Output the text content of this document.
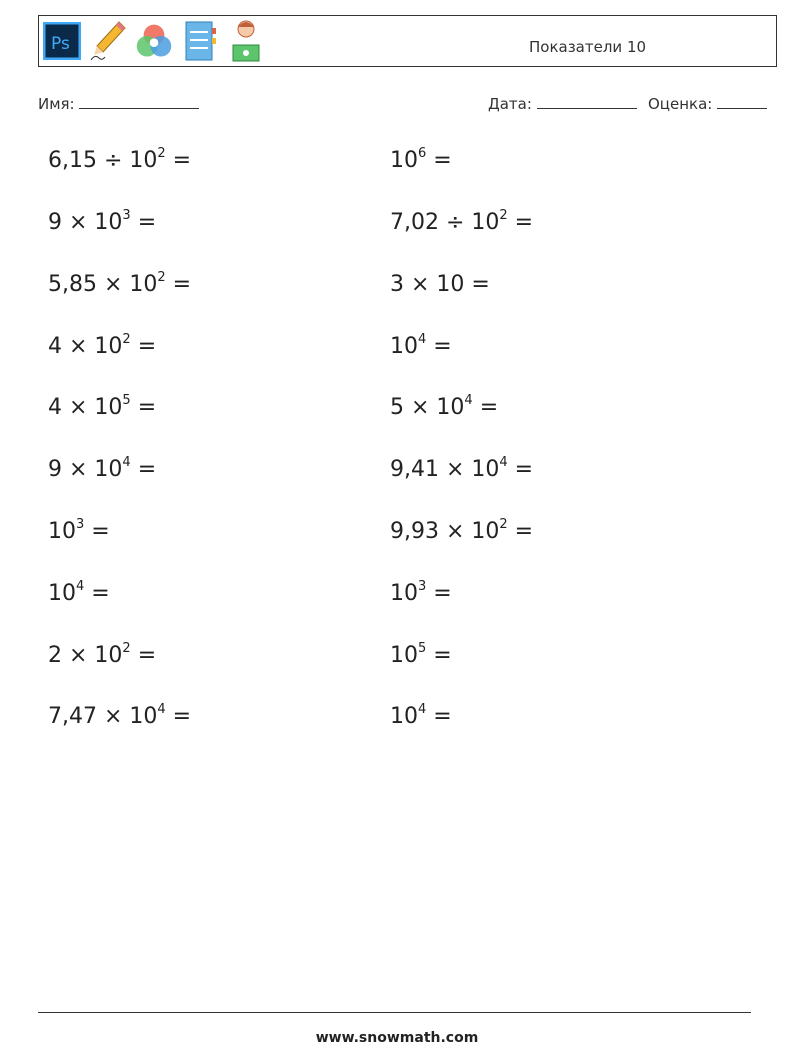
Ps	Показатели 10
Имя:	Дата:	Оценка:
$6,15 \div 10^2$ =
$9 \times 10^3$ =
$5,85 \times 10^2$ =
$4 \times 10^2$ =
$4 \times 10^5$ =
$9 \times 10^4$ =
$10^3$ =
$10^4$ =
$2 \times 10^2$ =
$7,47 \times 10^4$ =
$10^6$ =
$7,02 \div 10^2$ =
3 × 10 =
$10^4$ =
$5 \times 10^4$ =
$9,41 \times 10^4$ =
$9,93 \times 10^2$ =
$10^3$ =
$10^5$ =
$10^4$ =
www.snowmath.com
